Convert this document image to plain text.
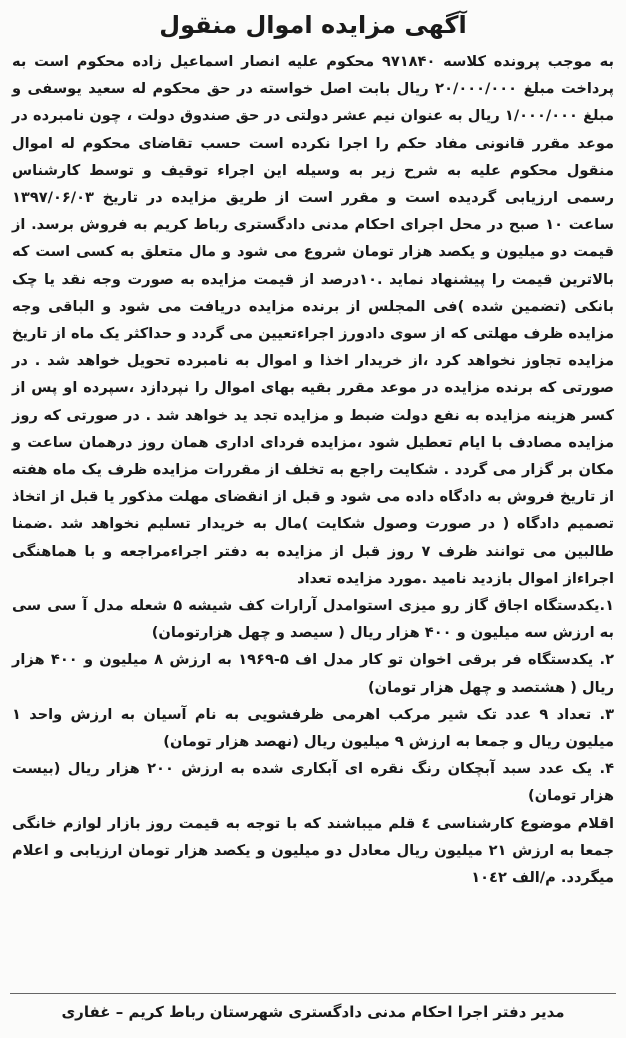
آگهی مزایده اموال منقول

به موجب پرونده کلاسه ۹۷۱۸۴۰ محکوم علیه انصار اسماعیل زاده محکوم است به پرداخت مبلغ ۲۰/۰۰۰/۰۰۰ ریال بابت اصل خواسته در حق محکوم له سعید یوسفی و مبلغ ۱/۰۰۰/۰۰۰ ریال به عنوان نیم عشر دولتی در حق صندوق دولت ، چون نامبرده در موعد مقرر قانونی مفاد حکم را اجرا نکرده است حسب تقاضای محکوم له اموال منقول محکوم علیه به شرح زیر به وسیله این اجراء توقیف و توسط کارشناس رسمی ارزیابی گردیده است و مقرر است از طریق مزایده در تاریخ ۱۳۹۷/۰۶/۰۳ ساعت ۱۰ صبح در محل اجرای احکام مدنی دادگستری رباط کریم به فروش برسد. از قیمت دو میلیون و یکصد هزار تومان شروع می شود و مال متعلق به کسی است که بالاترین قیمت را پیشنهاد نماید .۱۰درصد از قیمت مزایده به صورت وجه نقد یا چک بانکی (تضمین شده )فی المجلس از برنده مزایده دریافت می شود و الباقی وجه مزایده ظرف مهلتی که از سوی دادورز اجراءتعیین می گردد و حداکثر یک ماه از تاریخ مزایده تجاوز نخواهد کرد ،از خریدار اخذا و اموال به نامبرده تحویل خواهد شد . در صورتی که برنده مزایده در موعد مقرر بقیه بهای اموال را نپردازد ،سپرده او پس از کسر هزینه مزایده به نفع دولت ضبط و مزایده تجد ید خواهد شد . در صورتی که روز مزایده مصادف با ایام تعطیل شود ،مزایده فردای اداری همان روز درهمان ساعت و مکان بر گزار می گردد . شکایت راجع به تخلف از مقررات مزایده ظرف یک ماه هفته از تاریخ فروش به دادگاه داده می شود و قبل از انقضای مهلت مذکور یا قبل از اتخاذ تصمیم دادگاه ( در صورت وصول شکایت )مال به خریدار تسلیم نخواهد شد .ضمنا طالبین می توانند ظرف ۷ روز قبل از مزایده به دفتر اجراءمراجعه و با هماهنگی اجراءاز اموال بازدید نامید .مورد مزایده تعداد

۱.یکدستگاه اجاق گاز رو میزی استوامدل آرارات کف شیشه ۵ شعله مدل آ سی سی به ارزش سه میلیون و ۴۰۰ هزار ریال ( سیصد و چهل هزارتومان)
۲. یکدستگاه فر برقی اخوان تو کار مدل اف ۵-۱۹۶۹ به ارزش ۸ میلیون و ۴۰۰ هزار ریال ( هشتصد و چهل هزار تومان)
۳. تعداد ۹ عدد تک شیر مرکب اهرمی ظرفشویی به نام آسیان به ارزش واحد ۱ میلیون ریال و جمعا به ارزش ۹ میلیون ریال (نهصد هزار تومان)
۴. یک عدد سبد آبچکان رنگ نقره ای آبکاری شده به ارزش ۲۰۰ هزار ریال (بیست هزار تومان)

اقلام موضوع کارشناسی ٤ قلم میباشند که با توجه به قیمت روز بازار لوازم خانگی جمعا به ارزش ۲۱ میلیون ریال معادل دو میلیون و یکصد هزار تومان ارزیابی و اعلام میگردد. م/الف ۱۰٤۲

مدیر دفتر اجرا احکام مدنی دادگستری شهرستان رباط کریم – غفاری
